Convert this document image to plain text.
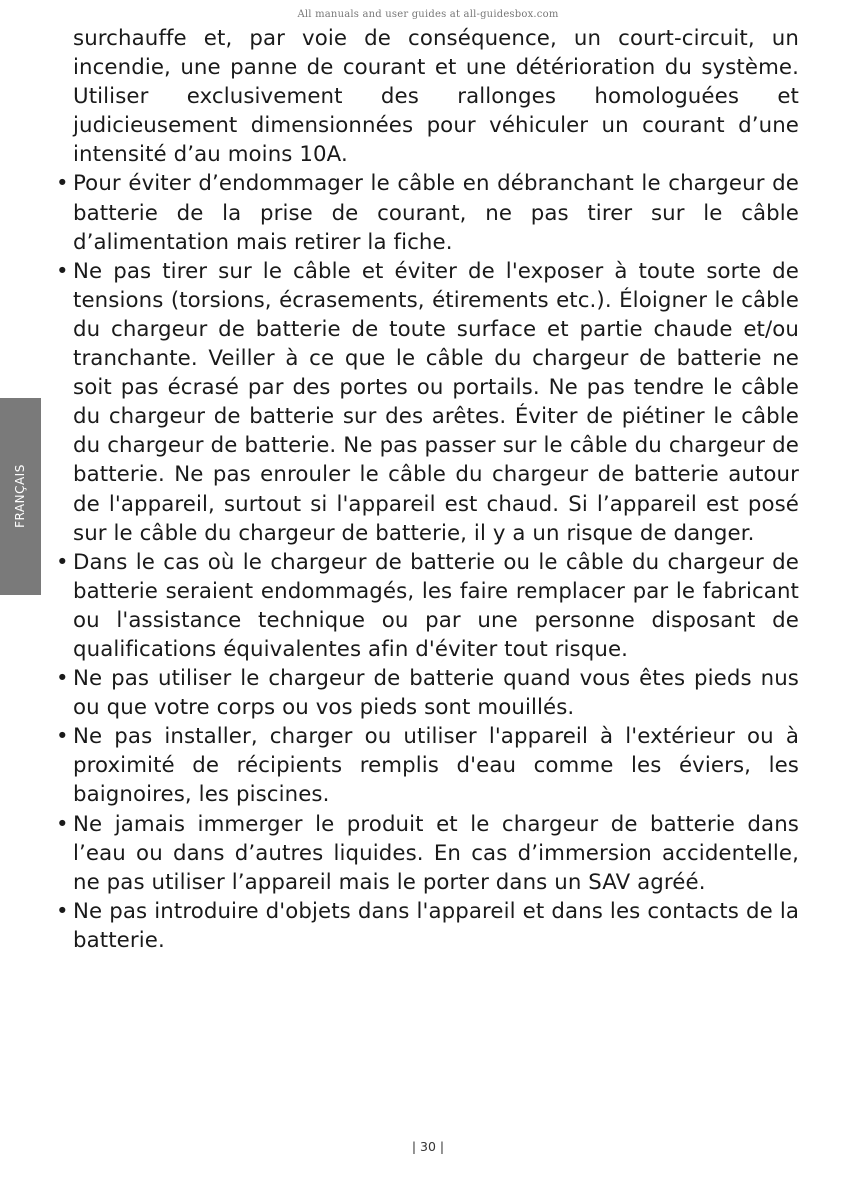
All manuals and user guides at all-guidesbox.com
FRANÇAIS

surchauffe et, par voie de conséquence, un court-circuit, un incendie, une panne de courant et une détérioration du système. Utiliser exclusivement des rallonges homologuées et judicieusement dimensionnées pour véhiculer un courant d’une intensité d’au moins 10A.

• Pour éviter d’endommager le câble en débranchant le chargeur de batterie de la prise de courant, ne pas tirer sur le câble d’alimentation mais retirer la fiche.

• Ne pas tirer sur le câble et éviter de l'exposer à toute sorte de tensions (torsions, écrasements, étirements etc.). Éloigner le câble du chargeur de batterie de toute surface et partie chaude et/ou tranchante. Veiller à ce que le câble du chargeur de batterie ne soit pas écrasé par des portes ou portails. Ne pas tendre le câble du chargeur de batterie sur des arêtes. Éviter de piétiner le câble du chargeur de batterie. Ne pas passer sur le câble du chargeur de batterie. Ne pas enrouler le câble du chargeur de batterie autour de l'appareil, surtout si l'appareil est chaud. Si l’appareil est posé sur le câble du chargeur de batterie, il y a un risque de danger.

• Dans le cas où le chargeur de batterie ou le câble du chargeur de batterie seraient endommagés, les faire remplacer par le fabricant ou l'assistance technique ou par une personne disposant de qualifications équivalentes afin d'éviter tout risque.

• Ne pas utiliser le chargeur de batterie quand vous êtes pieds nus ou que votre corps ou vos pieds sont mouillés.

• Ne pas installer, charger ou utiliser l'appareil à l'extérieur ou à proximité de récipients remplis d'eau comme les éviers, les baignoires, les piscines.

• Ne jamais immerger le produit et le chargeur de batterie dans l’eau ou dans d’autres liquides. En cas d’immersion accidentelle, ne pas utiliser l’appareil mais le porter dans un SAV agréé.

• Ne pas introduire d'objets dans l'appareil et dans les contacts de la batterie.

| 30 |
